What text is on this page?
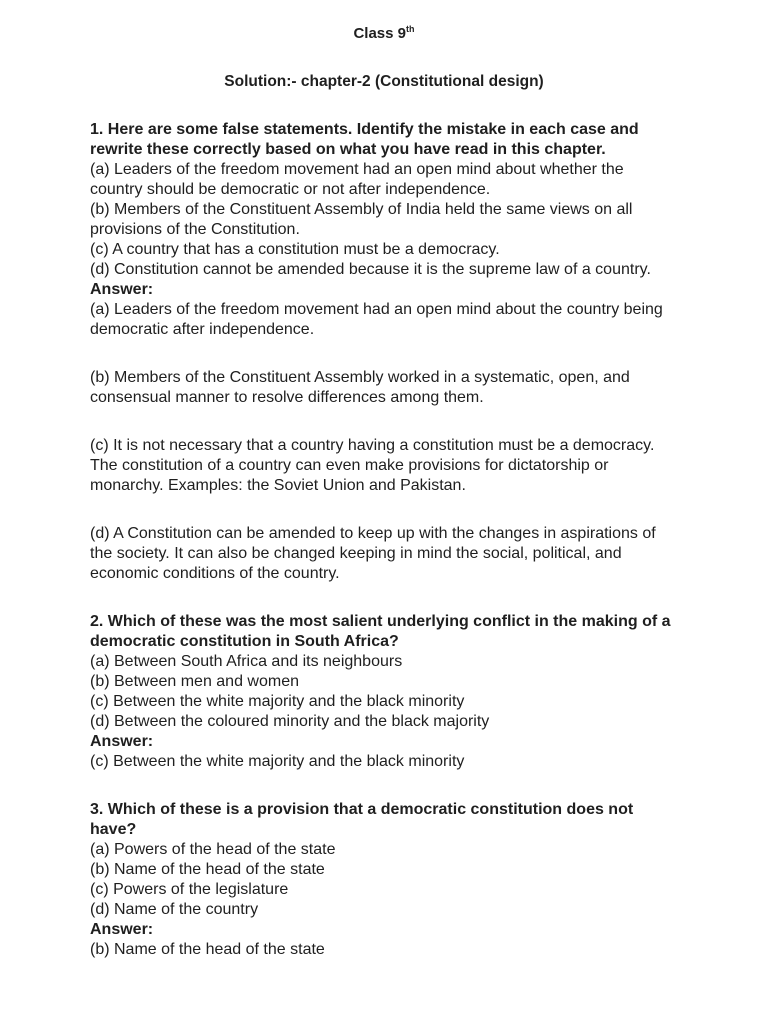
Class 9th
Solution:- chapter-2 (Constitutional design)

1. Here are some false statements. Identify the mistake in each case and rewrite these correctly based on what you have read in this chapter.

(a) Leaders of the freedom movement had an open mind about whether the country should be democratic or not after independence.

(b) Members of the Constituent Assembly of India held the same views on all provisions of the Constitution.

(c) A country that has a constitution must be a democracy.

(d) Constitution cannot be amended because it is the supreme law of a country.

Answer:

(a) Leaders of the freedom movement had an open mind about the country being democratic after independence.

(b) Members of the Constituent Assembly worked in a systematic, open, and consensual manner to resolve differences among them.

(c) It is not necessary that a country having a constitution must be a democracy. The constitution of a country can even make provisions for dictatorship or monarchy. Examples: the Soviet Union and Pakistan.

(d) A Constitution can be amended to keep up with the changes in aspirations of the society. It can also be changed keeping in mind the social, political, and economic conditions of the country.

2. Which of these was the most salient underlying conflict in the making of a democratic constitution in South Africa?

(a) Between South Africa and its neighbours

(b) Between men and women

(c) Between the white majority and the black minority

(d) Between the coloured minority and the black majority

Answer:

(c) Between the white majority and the black minority

3. Which of these is a provision that a democratic constitution does not have?

(a) Powers of the head of the state

(b) Name of the head of the state

(c) Powers of the legislature

(d) Name of the country

Answer:

(b) Name of the head of the state
